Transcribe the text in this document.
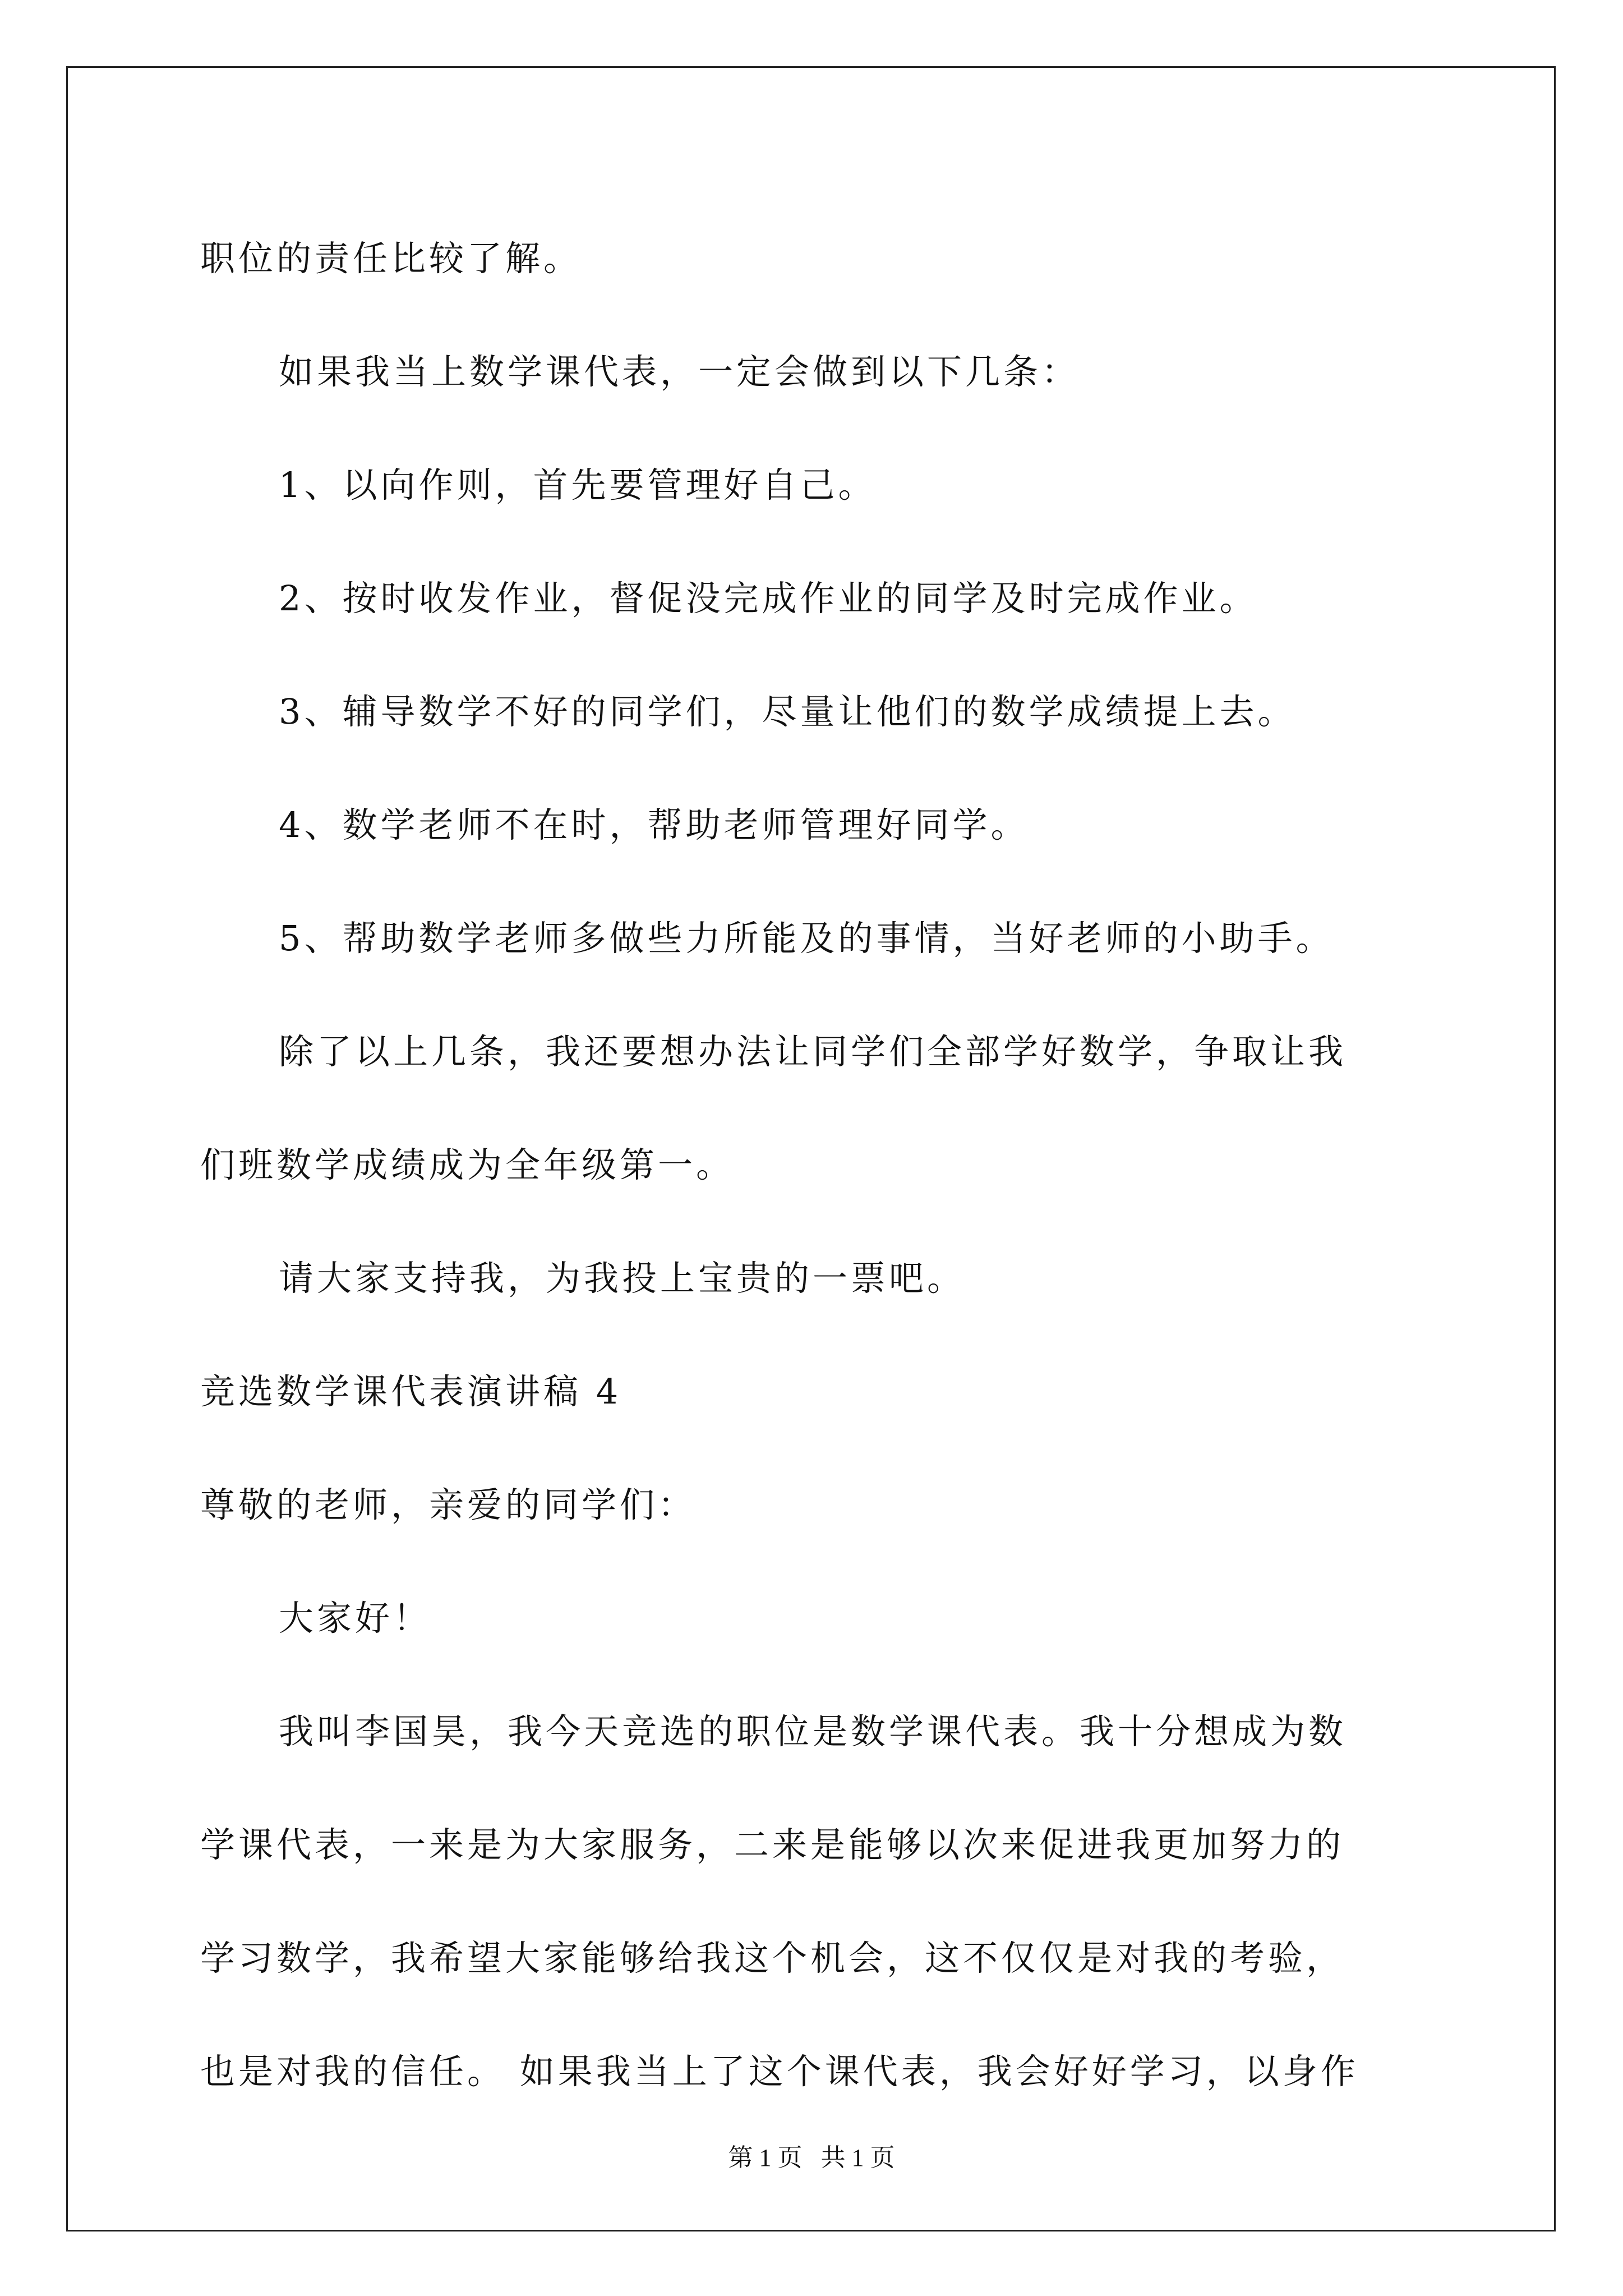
职位的责任比较了解。
如果我当上数学课代表，一定会做到以下几条：
1、以向作则，首先要管理好自己。
2、按时收发作业，督促没完成作业的同学及时完成作业。
3、辅导数学不好的同学们，尽量让他们的数学成绩提上去。
4、数学老师不在时，帮助老师管理好同学。
5、帮助数学老师多做些力所能及的事情，当好老师的小助手。
除了以上几条，我还要想办法让同学们全部学好数学，争取让我
们班数学成绩成为全年级第一。
请大家支持我，为我投上宝贵的一票吧。
竞选数学课代表演讲稿 4
尊敬的老师，亲爱的同学们：
大家好！
我叫李国昊，我今天竞选的职位是数学课代表。我十分想成为数
学课代表，一来是为大家服务，二来是能够以次来促进我更加努力的
学习数学，我希望大家能够给我这个机会，这不仅仅是对我的考验，
也是对我的信任。 如果我当上了这个课代表，我会好好学习，以身作
第 1 页   共 1 页
